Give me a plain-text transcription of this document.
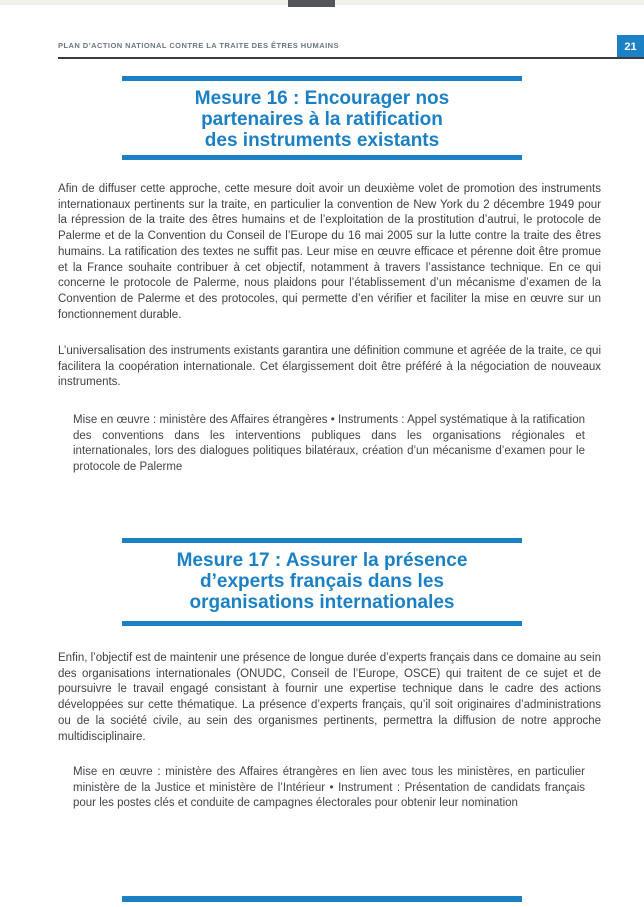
PLAN D’ACTION NATIONAL CONTRE LA TRAITE DES ÊTRES HUMAINS	21
Mesure 16 : Encourager nos
partenaires à la ratification
des instruments existants

Afin de diffuser cette approche, cette mesure doit avoir un deuxième volet de promotion des instruments internationaux pertinents sur la traite, en particulier la convention de New York du 2 décembre 1949 pour la répression de la traite des êtres humains et de l’exploitation de la prostitution d’autrui, le protocole de Palerme et de la Convention du Conseil de l’Europe du 16 mai 2005 sur la lutte contre la traite des êtres humains. La ratification des textes ne suffit pas. Leur mise en œuvre efficace et pérenne doit être promue et la France souhaite contribuer à cet objectif, notamment à travers l’assistance technique. En ce qui concerne le protocole de Palerme, nous plaidons pour l’établissement d’un mécanisme d’examen de la Convention de Palerme et des protocoles, qui permette d’en vérifier et faciliter la mise en œuvre sur un fonctionnement durable.

L’universalisation des instruments existants garantira une définition commune et agréée de la traite, ce qui facilitera la coopération internationale. Cet élargissement doit être préféré à la négociation de nouveaux instruments.

Mise en œuvre : ministère des Affaires étrangères • Instruments : Appel systématique à la ratification des conventions dans les interventions publiques dans les organisations régionales et internationales, lors des dialogues politiques bilatéraux, création d’un mécanisme d’examen pour le protocole de Palerme

Mesure 17 : Assurer la présence
d’experts français dans les
organisations internationales

Enfin, l’objectif est de maintenir une présence de longue durée d’experts français dans ce domaine au sein des organisations internationales (ONUDC, Conseil de l’Europe, OSCE) qui traitent de ce sujet et de poursuivre le travail engagé consistant à fournir une expertise technique dans le cadre des actions développées sur cette thématique. La présence d’experts français, qu’il soit originaires d’administrations ou de la société civile, au sein des organismes pertinents, permettra la diffusion de notre approche multidisciplinaire.

Mise en œuvre : ministère des Affaires étrangères en lien avec tous les ministères, en particulier ministère de la Justice et ministère de l’Intérieur • Instrument : Présentation de candidats français pour les postes clés et conduite de campagnes électorales pour obtenir leur nomination
